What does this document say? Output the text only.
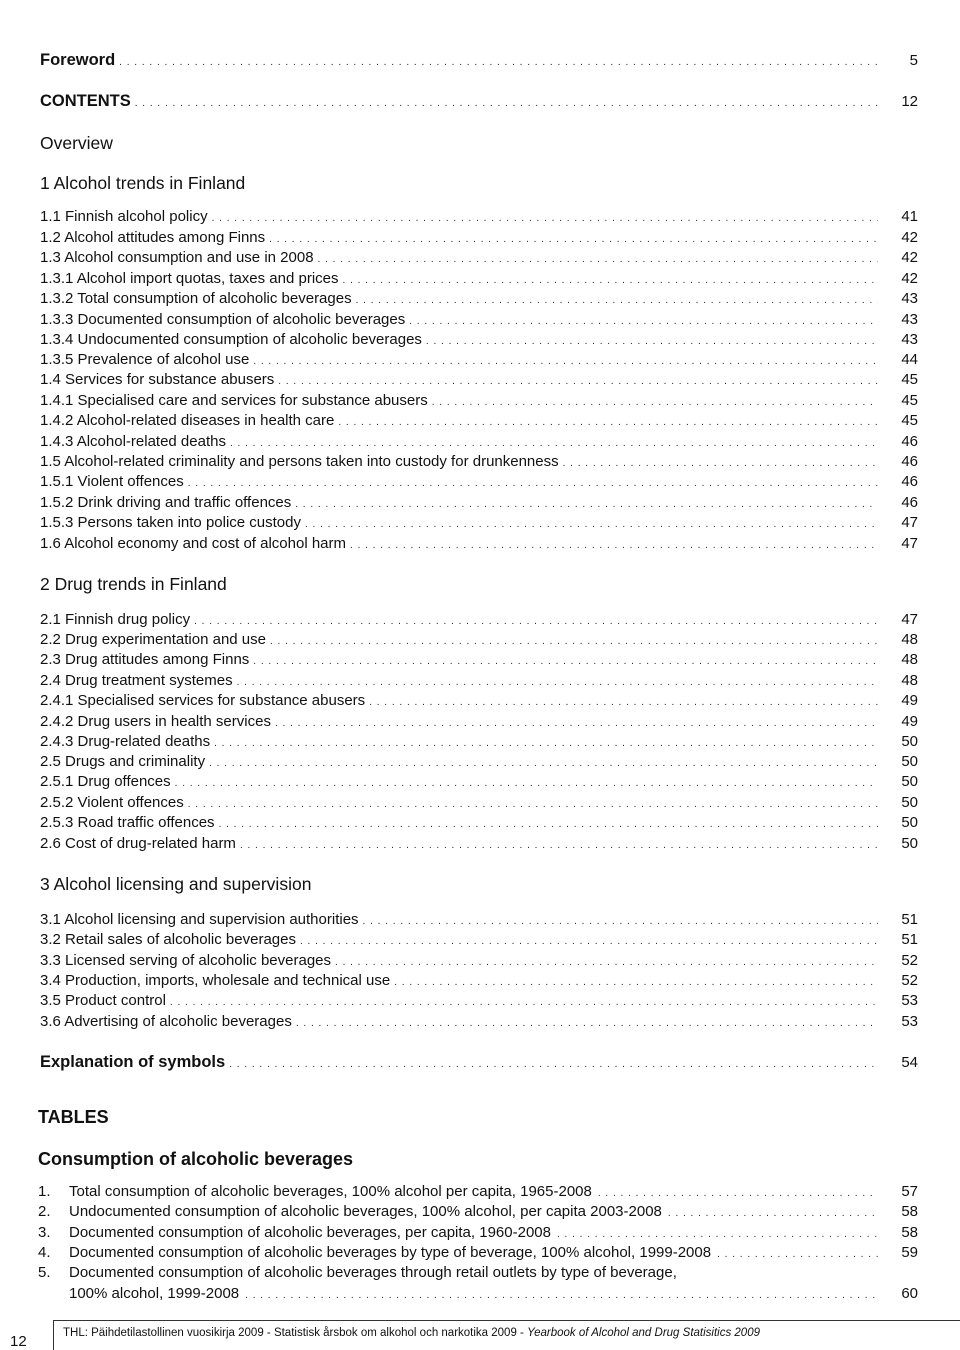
Foreword . . .	5
CONTENTS . . .	12
Overview
1 Alcohol trends in Finland
1.1 Finnish alcohol policy . . .	41
1.2 Alcohol attitudes among Finns . . .	42
1.3 Alcohol consumption and use in 2008 . . .	42
1.3.1 Alcohol import quotas, taxes and prices . . .	42
1.3.2 Total consumption of alcoholic beverages . . .	43
1.3.3 Documented consumption of alcoholic beverages . . .	43
1.3.4 Undocumented consumption of alcoholic beverages . . .	43
1.3.5 Prevalence of alcohol use . . .	44
1.4 Services for substance abusers . . .	45
1.4.1 Specialised care and services for substance abusers . . .	45
1.4.2 Alcohol-related diseases in health care . . .	45
1.4.3 Alcohol-related deaths . . .	46
1.5 Alcohol-related criminality and persons taken into custody for drunkenness . . .	46
1.5.1 Violent offences . . .	46
1.5.2 Drink driving and traffic offences . . .	46
1.5.3 Persons taken into police custody . . .	47
1.6 Alcohol economy and cost of alcohol harm . . .	47
2 Drug trends in Finland
2.1 Finnish drug policy . . .	47
2.2 Drug experimentation and use . . .	48
2.3 Drug attitudes among Finns . . .	48
2.4 Drug treatment systemes . . .	48
2.4.1 Specialised services for substance abusers . . .	49
2.4.2 Drug users in health services . . .	49
2.4.3 Drug-related deaths . . .	50
2.5 Drugs and criminality . . .	50
2.5.1 Drug offences . . .	50
2.5.2 Violent offences . . .	50
2.5.3 Road traffic offences . . .	50
2.6 Cost of drug-related harm . . .	50
3 Alcohol licensing and supervision
3.1 Alcohol licensing and supervision authorities . . .	51
3.2 Retail sales of alcoholic beverages . . .	51
3.3 Licensed serving of alcoholic beverages . . .	52
3.4 Production, imports, wholesale and technical use . . .	52
3.5 Product control . . .	53
3.6 Advertising of alcoholic beverages . . .	53
Explanation of symbols . . .	54
TABLES
Consumption of alcoholic beverages
1.	Total consumption of alcoholic beverages, 100% alcohol per capita, 1965-2008 . . .	57
2.	Undocumented consumption of alcoholic beverages, 100% alcohol, per capita 2003-2008 . . .	58
3.	Documented consumption of alcoholic beverages, per capita, 1960-2008 . . .	58
4.	Documented consumption of alcoholic beverages by type of beverage, 100% alcohol, 1999-2008 . . .	59
5.	Documented consumption of alcoholic beverages through retail outlets by type of beverage,
100% alcohol, 1999-2008 . . .	60
12	THL: Päihdetilastollinen vuosikirja 2009 - Statistisk årsbok om alkohol och narkotika 2009 - Yearbook of Alcohol and Drug Statisitics 2009
